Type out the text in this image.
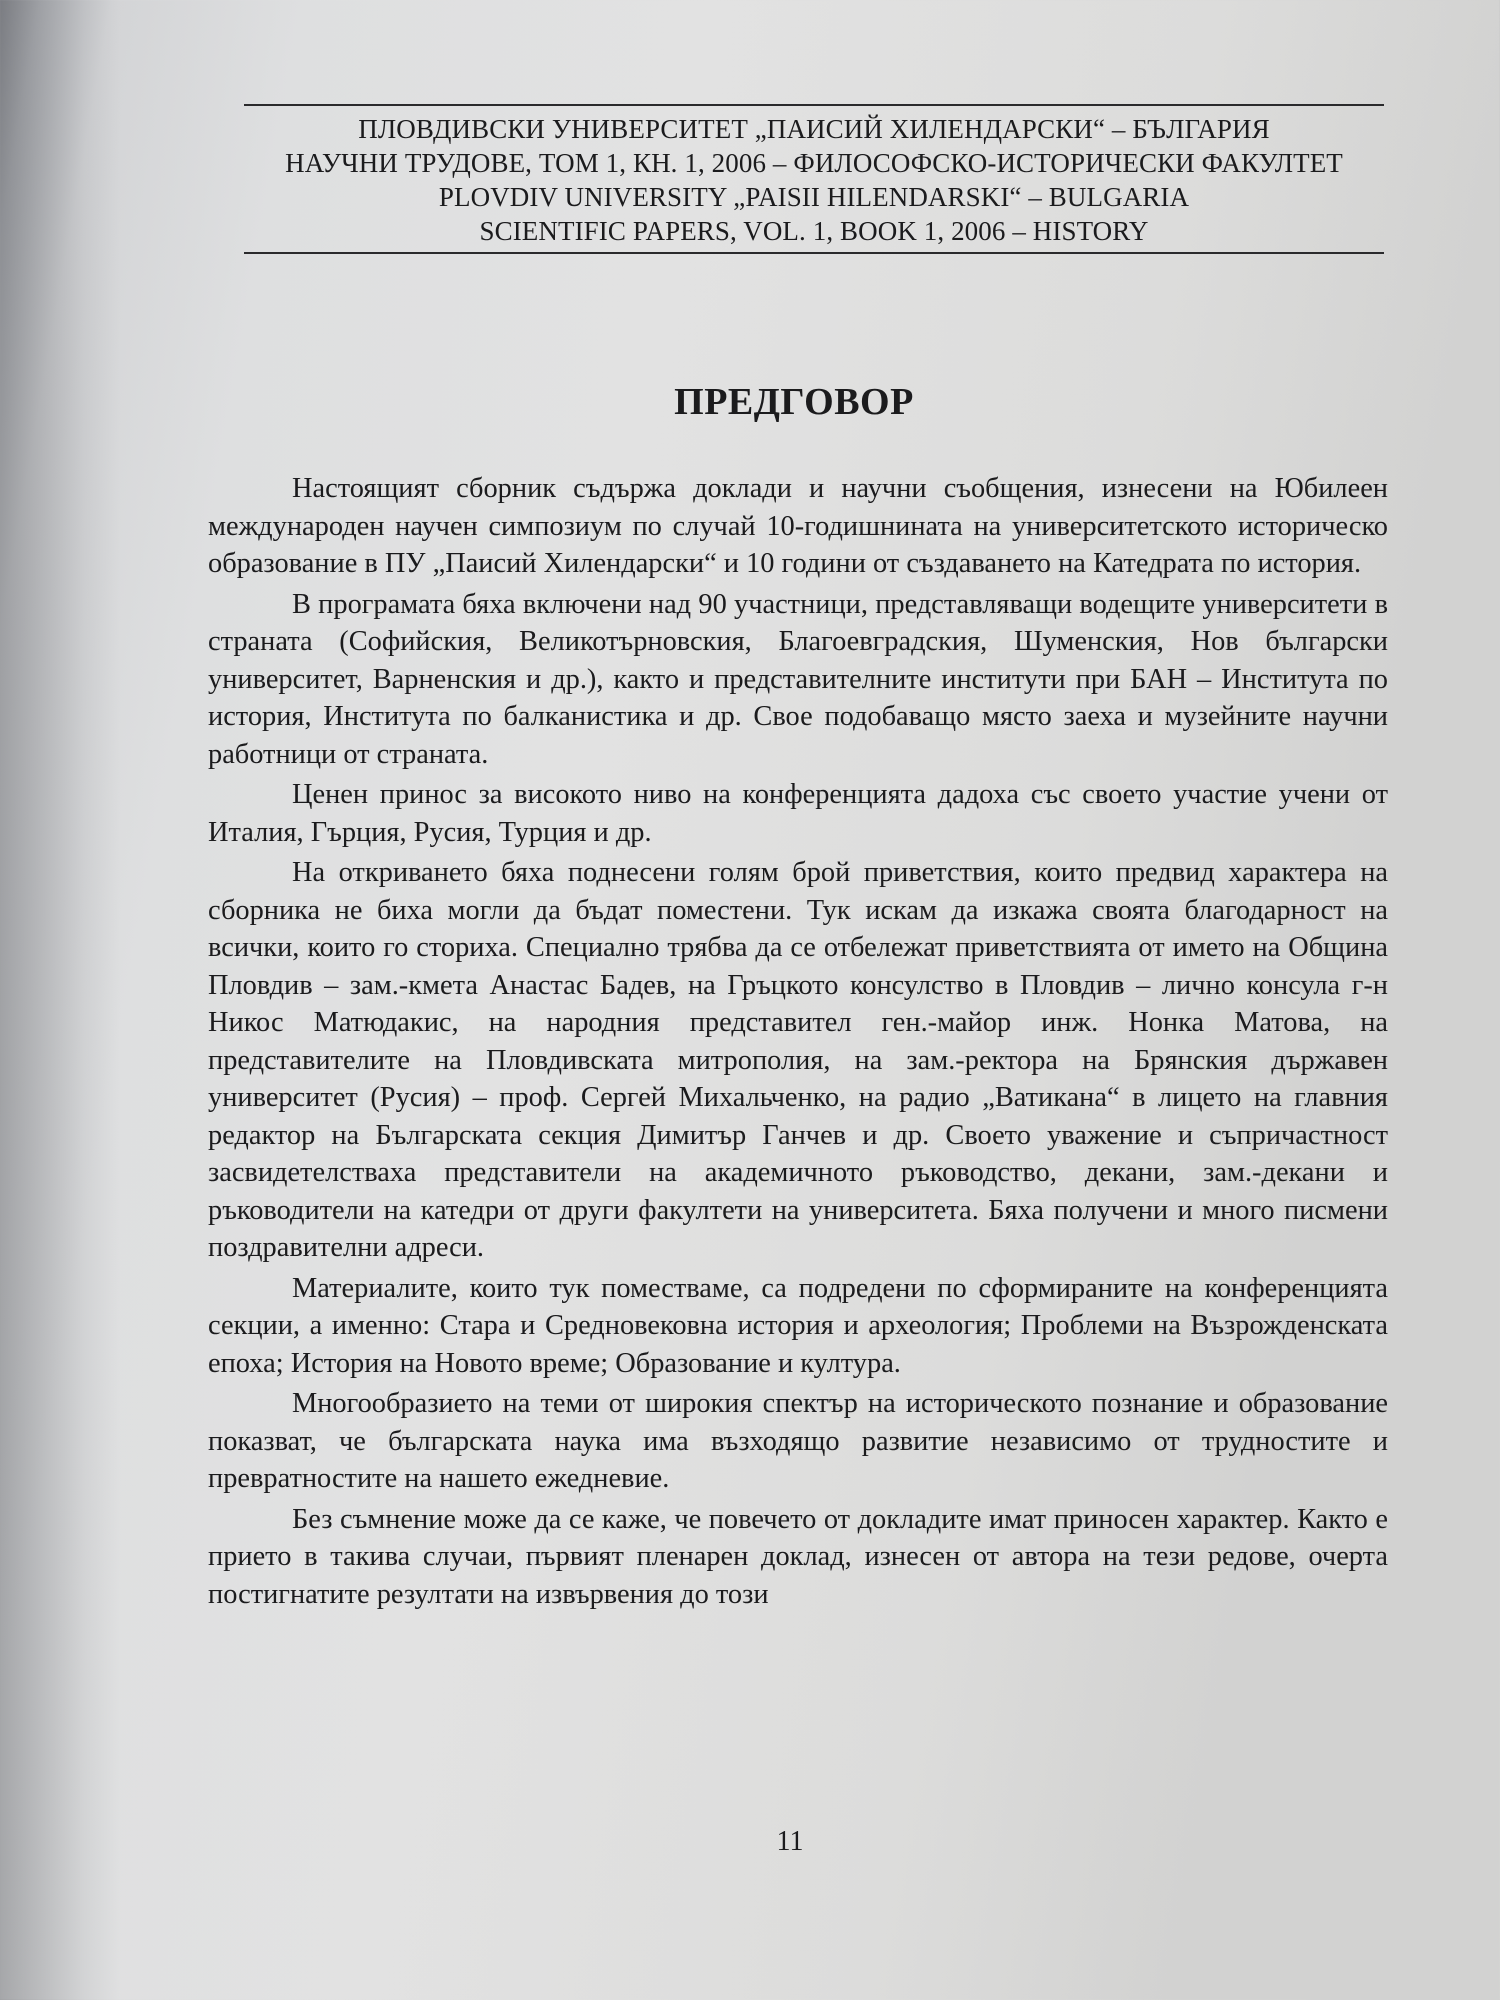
ПЛОВДИВСКИ УНИВЕРСИТЕТ „ПАИСИЙ ХИЛЕНДАРСКИ“ – БЪЛГАРИЯ
НАУЧНИ ТРУДОВЕ, ТОМ 1, КН. 1, 2006 – ФИЛОСОФСКО-ИСТОРИЧЕСКИ ФАКУЛТЕТ
PLOVDIV UNIVERSITY „PAISII HILENDARSKI“ – BULGARIA
SCIENTIFIC PAPERS, VOL. 1, BOOK 1, 2006 – HISTORY
ПРЕДГОВОР

Настоящият сборник съдържа доклади и научни съобщения, изнесени на Юбилеен международен научен симпозиум по случай 10-годишнината на университетското историческо образование в ПУ „Паисий Хилендарски“ и 10 години от създаването на Катедрата по история.

В програмата бяха включени над 90 участници, представляващи водещите университети в страната (Софийския, Великотърновския, Благоевградския, Шуменския, Нов български университет, Варненския и др.), както и представителните институти при БАН – Института по история, Института по балканистика и др. Свое подобаващо място заеха и музейните научни работници от страната.

Ценен принос за високото ниво на конференцията дадоха със своето участие учени от Италия, Гърция, Русия, Турция и др.

На откриването бяха поднесени голям брой приветствия, които предвид характера на сборника не биха могли да бъдат поместени. Тук искам да изкажа своята благодарност на всички, които го сториха. Специално трябва да се отбележат приветствията от името на Община Пловдив – зам.-кмета Анастас Бадев, на Гръцкото консулство в Пловдив – лично консула г-н Никос Матюдакис, на народния представител ген.-майор инж. Нонка Матова, на представителите на Пловдивската митрополия, на зам.-ректора на Брянския държавен университет (Русия) – проф. Сергей Михальченко, на радио „Ватикана“ в лицето на главния редактор на Българската секция Димитър Ганчев и др. Своето уважение и съпричастност засвидетелстваха представители на академичното ръководство, декани, зам.-декани и ръководители на катедри от други факултети на университета. Бяха получени и много писмени поздравителни адреси.

Материалите, които тук поместваме, са подредени по сформираните на конференцията секции, а именно: Стара и Средновековна история и археология; Проблеми на Възрожденската епоха; История на Новото време; Образование и култура.

Многообразието на теми от широкия спектър на историческото познание и образование показват, че българската наука има възходящо развитие независимо от трудностите и превратностите на нашето ежедневие.

Без съмнение може да се каже, че повечето от докладите имат приносен характер. Както е прието в такива случаи, първият пленарен доклад, изнесен от автора на тези редове, очерта постигнатите резултати на извървения до този

11
